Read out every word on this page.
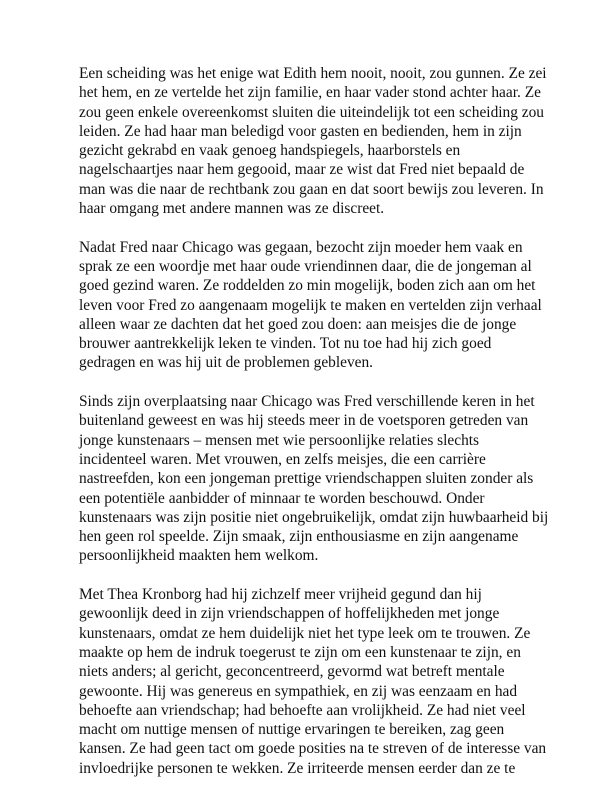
Een scheiding was het enige wat Edith hem nooit, nooit, zou gunnen. Ze zei
het hem, en ze vertelde het zijn familie, en haar vader stond achter haar. Ze
zou geen enkele overeenkomst sluiten die uiteindelijk tot een scheiding zou
leiden. Ze had haar man beledigd voor gasten en bedienden, hem in zijn
gezicht gekrabd en vaak genoeg handspiegels, haarborstels en
nagelschaartjes naar hem gegooid, maar ze wist dat Fred niet bepaald de
man was die naar de rechtbank zou gaan en dat soort bewijs zou leveren. In
haar omgang met andere mannen was ze discreet.

Nadat Fred naar Chicago was gegaan, bezocht zijn moeder hem vaak en
sprak ze een woordje met haar oude vriendinnen daar, die de jongeman al
goed gezind waren. Ze roddelden zo min mogelijk, boden zich aan om het
leven voor Fred zo aangenaam mogelijk te maken en vertelden zijn verhaal
alleen waar ze dachten dat het goed zou doen: aan meisjes die de jonge
brouwer aantrekkelijk leken te vinden. Tot nu toe had hij zich goed
gedragen en was hij uit de problemen gebleven.

Sinds zijn overplaatsing naar Chicago was Fred verschillende keren in het
buitenland geweest en was hij steeds meer in de voetsporen getreden van
jonge kunstenaars – mensen met wie persoonlijke relaties slechts
incidenteel waren. Met vrouwen, en zelfs meisjes, die een carrière
nastreefden, kon een jongeman prettige vriendschappen sluiten zonder als
een potentiële aanbidder of minnaar te worden beschouwd. Onder
kunstenaars was zijn positie niet ongebruikelijk, omdat zijn huwbaarheid bij
hen geen rol speelde. Zijn smaak, zijn enthousiasme en zijn aangename
persoonlijkheid maakten hem welkom.

Met Thea Kronborg had hij zichzelf meer vrijheid gegund dan hij
gewoonlijk deed in zijn vriendschappen of hoffelijkheden met jonge
kunstenaars, omdat ze hem duidelijk niet het type leek om te trouwen. Ze
maakte op hem de indruk toegerust te zijn om een kunstenaar te zijn, en
niets anders; al gericht, geconcentreerd, gevormd wat betreft mentale
gewoonte. Hij was genereus en sympathiek, en zij was eenzaam en had
behoefte aan vriendschap; had behoefte aan vrolijkheid. Ze had niet veel
macht om nuttige mensen of nuttige ervaringen te bereiken, zag geen
kansen. Ze had geen tact om goede posities na te streven of de interesse van
invloedrijke personen te wekken. Ze irriteerde mensen eerder dan ze te
